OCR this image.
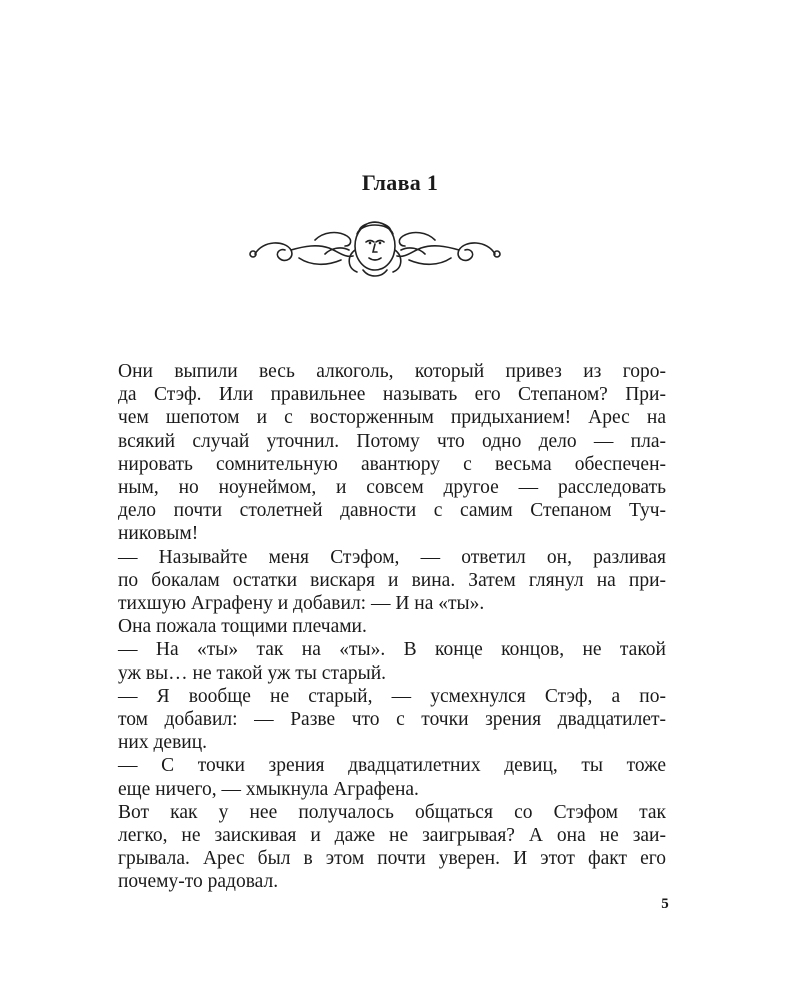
Глава 1
Они выпили весь алкоголь, который привез из горо-
да Стэф. Или правильнее называть его Степаном? При-
чем шепотом и с восторженным придыханием! Арес на
всякий случай уточнил. Потому что одно дело — пла-
нировать сомнительную авантюру с весьма обеспечен-
ным, но ноунеймом, и совсем другое — расследовать
дело почти столетней давности с самим Степаном Туч-
никовым!
— Называйте меня Стэфом, — ответил он, разливая
по бокалам остатки вискаря и вина. Затем глянул на при-
тихшую Аграфену и добавил: — И на «ты».
Она пожала тощими плечами.
— На «ты» так на «ты». В конце концов, не такой
уж вы… не такой уж ты старый.
— Я вообще не старый, — усмехнулся Стэф, а по-
том добавил: — Разве что с точки зрения двадцатилет-
них девиц.
— С точки зрения двадцатилетних девиц, ты тоже
еще ничего, — хмыкнула Аграфена.
Вот как у нее получалось общаться со Стэфом так
легко, не заискивая и даже не заигрывая? А она не заи-
грывала. Арес был в этом почти уверен. И этот факт его
почему-то радовал.
5
